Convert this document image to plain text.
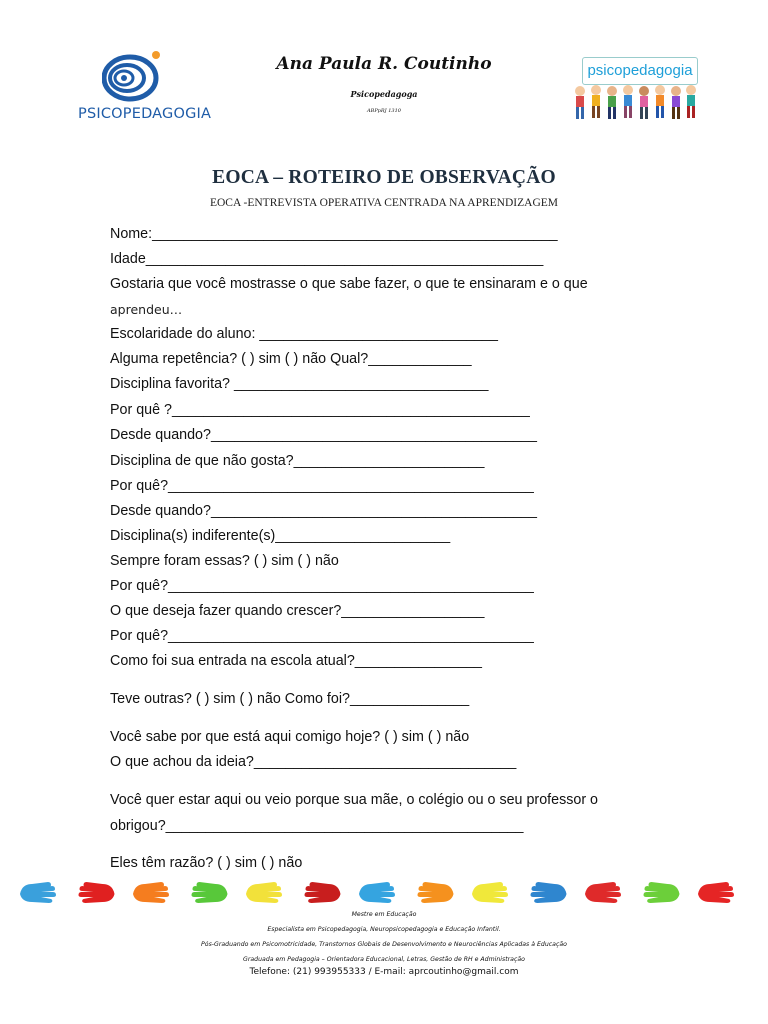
PSICOPEDAGOGIA
Ana Paula R. Coutinho
Psicopedagoga
ABPpRJ 1310
psicopedagogia
EOCA – ROTEIRO DE OBSERVAÇÃO
EOCA -ENTREVISTA OPERATIVA CENTRADA NA APRENDIZAGEM
Nome:___________________________________________________
Idade__________________________________________________
Gostaria que você mostrasse o que sabe fazer, o que te ensinaram e o que
aprendeu…
Escolaridade do aluno: ______________________________
Alguma repetência? ( ) sim ( ) não Qual?_____________
Disciplina favorita? ________________________________
Por quê ?_____________________________________________
Desde quando?_________________________________________
Disciplina de que não gosta?________________________
Por quê?______________________________________________
Desde quando?_________________________________________
Disciplina(s) indiferente(s)______________________
Sempre foram essas? ( ) sim ( ) não
Por quê?______________________________________________
O que deseja fazer quando crescer?__________________
Por quê?______________________________________________
Como foi sua entrada na escola atual?________________
Teve outras? ( ) sim ( ) não Como foi?_______________
Você sabe por que está aqui comigo hoje? ( ) sim ( ) não
O que achou da ideia?_________________________________
Você quer estar aqui ou veio porque sua mãe, o colégio ou o seu professor o
obrigou?_____________________________________________
Eles têm razão? ( ) sim ( ) não
Mestre em Educação
Especialista em Psicopedagogia, Neuropsicopedagogia e Educação Infantil.
Pós-Graduando em Psicomotricidade, Transtornos Globais de Desenvolvimento e Neurociências Aplicadas à Educação
Graduada em Pedagogia – Orientadora Educacional, Letras, Gestão de RH e Administração
Telefone: (21) 993955333 / E-mail: aprcoutinho@gmail.com
